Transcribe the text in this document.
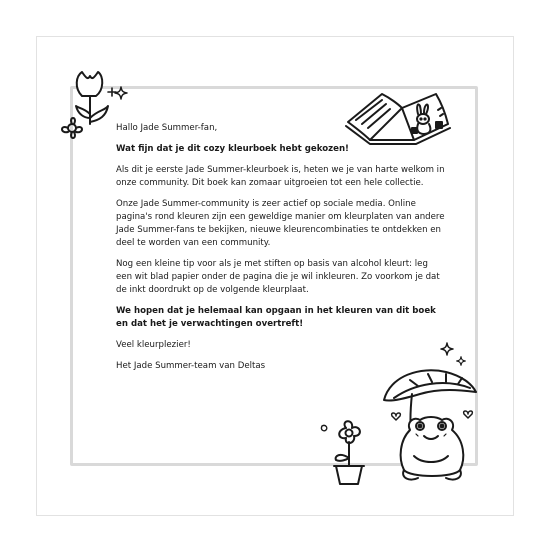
Hallo Jade Summer-fan,

Wat fijn dat je dit cozy kleurboek hebt gekozen!

Als dit je eerste Jade Summer-kleurboek is, heten we je van harte welkom in onze community. Dit boek kan zomaar uitgroeien tot een hele collectie.

Onze Jade Summer-community is zeer actief op sociale media. Online pagina's rond kleuren zijn een geweldige manier om kleurplaten van andere Jade Summer-fans te bekijken, nieuwe kleurencombinaties te ontdekken en deel te worden van een community.

Nog een kleine tip voor als je met stiften op basis van alcohol kleurt: leg een wit blad papier onder de pagina die je wil inkleuren. Zo voorkom je dat de inkt doordrukt op de volgende kleurplaat.

We hopen dat je helemaal kan opgaan in het kleuren van dit boek en dat het je verwachtingen overtreft!

Veel kleurplezier!

Het Jade Summer-team van Deltas
